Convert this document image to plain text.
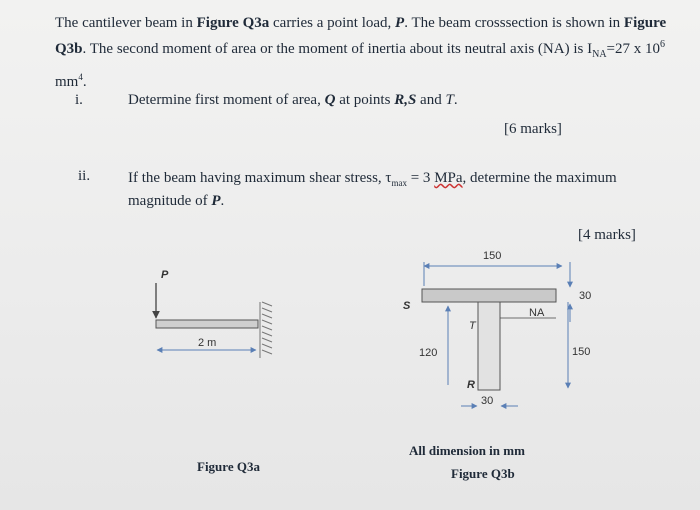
The cantilever beam in Figure Q3a carries a point load, P. The beam crosssection is shown in Figure Q3b. The second moment of area or the moment of inertia about its neutral axis (NA) is $I_{NA}=27$ x $10^6$
$mm^4$.
i.	Determine first moment of area, Q at points R,S and T.
[6 marks]
ii.	If the beam having maximum shear stress, $\tau_{max} = 3$ MPa, determine the maximum
magnitude of P.
[4 marks]
P
2 m
150
S
T
R
NA
30
150
120
30
All dimension in mm
Figure Q3a	Figure Q3b
